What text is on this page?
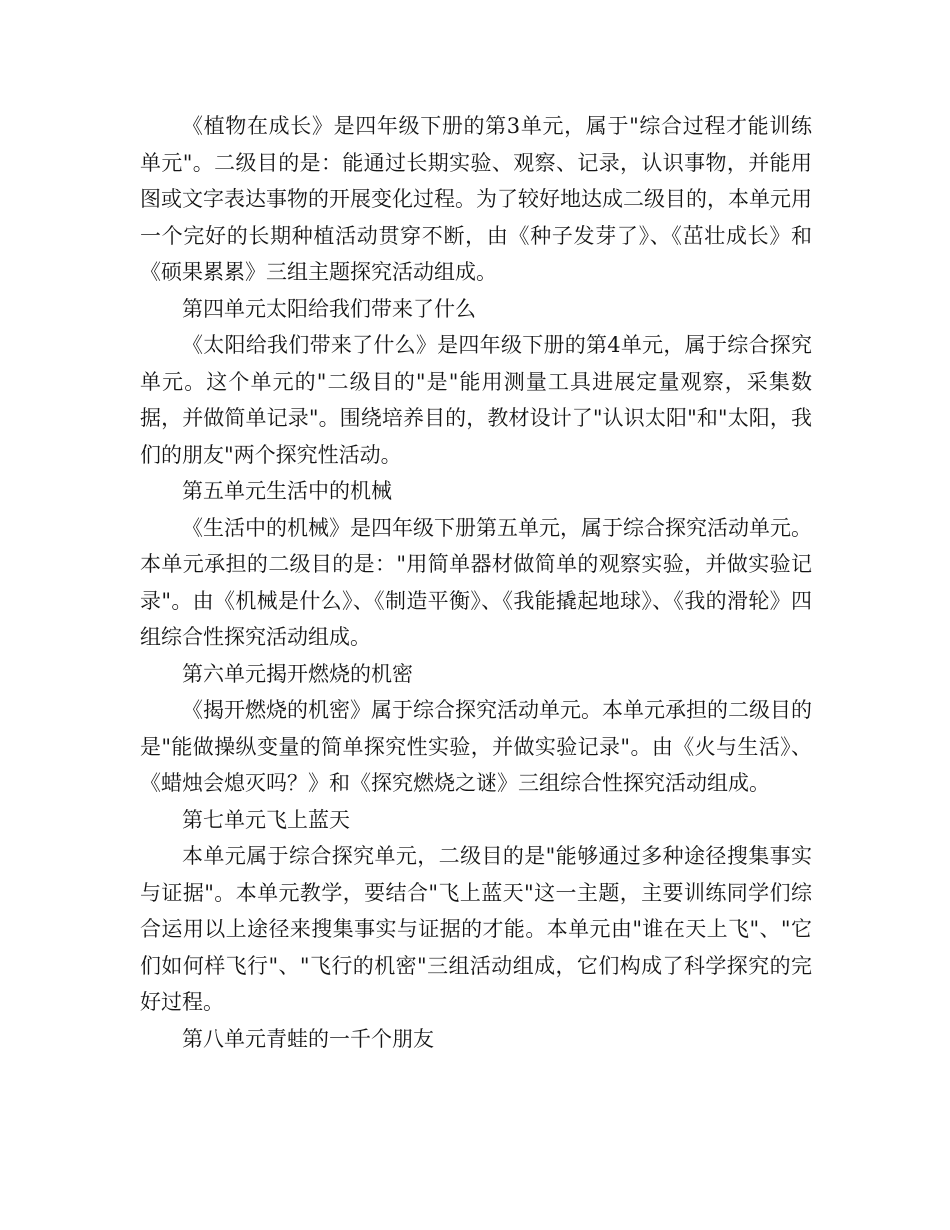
《植物在成长》是四年级下册的第3单元，属于"综合过程才能训练单元"。二级目的是：能通过长期实验、观察、记录，认识事物，并能用图或文字表达事物的开展变化过程。为了较好地达成二级目的，本单元用一个完好的长期种植活动贯穿不断，由《种子发芽了》、《茁壮成长》和《硕果累累》三组主题探究活动组成。

第四单元太阳给我们带来了什么

《太阳给我们带来了什么》是四年级下册的第4单元，属于综合探究单元。这个单元的"二级目的"是"能用测量工具进展定量观察，采集数据，并做简单记录"。围绕培养目的，教材设计了"认识太阳"和"太阳，我们的朋友"两个探究性活动。

第五单元生活中的机械

《生活中的机械》是四年级下册第五单元，属于综合探究活动单元。本单元承担的二级目的是："用简单器材做简单的观察实验，并做实验记录"。由《机械是什么》、《制造平衡》、《我能撬起地球》、《我的滑轮》四组综合性探究活动组成。

第六单元揭开燃烧的机密

《揭开燃烧的机密》属于综合探究活动单元。本单元承担的二级目的是"能做操纵变量的简单探究性实验，并做实验记录"。由《火与生活》、《蜡烛会熄灭吗？》和《探究燃烧之谜》三组综合性探究活动组成。

第七单元飞上蓝天

本单元属于综合探究单元，二级目的是"能够通过多种途径搜集事实与证据"。本单元教学，要结合"飞上蓝天"这一主题，主要训练同学们综合运用以上途径来搜集事实与证据的才能。本单元由"谁在天上飞"、"它们如何样飞行"、"飞行的机密"三组活动组成，它们构成了科学探究的完好过程。

第八单元青蛙的一千个朋友
